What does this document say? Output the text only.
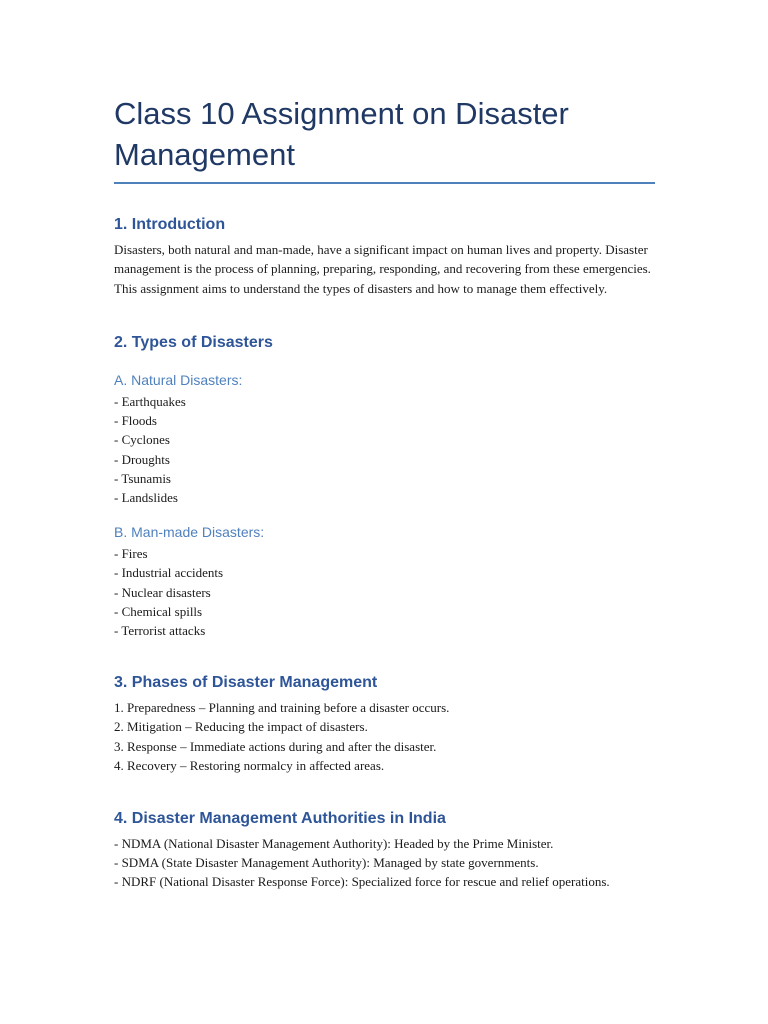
Class 10 Assignment on Disaster Management
1. Introduction

Disasters, both natural and man-made, have a significant impact on human lives and property. Disaster management is the process of planning, preparing, responding, and recovering from these emergencies. This assignment aims to understand the types of disasters and how to manage them effectively.

2. Types of Disasters
A. Natural Disasters:
- Earthquakes
- Floods
- Cyclones
- Droughts
- Tsunamis
- Landslides
B. Man-made Disasters:
- Fires
- Industrial accidents
- Nuclear disasters
- Chemical spills
- Terrorist attacks
3. Phases of Disaster Management
1. Preparedness – Planning and training before a disaster occurs.
2. Mitigation – Reducing the impact of disasters.
3. Response – Immediate actions during and after the disaster.
4. Recovery – Restoring normalcy in affected areas.
4. Disaster Management Authorities in India
- NDMA (National Disaster Management Authority): Headed by the Prime Minister.
- SDMA (State Disaster Management Authority): Managed by state governments.
- NDRF (National Disaster Response Force): Specialized force for rescue and relief operations.
